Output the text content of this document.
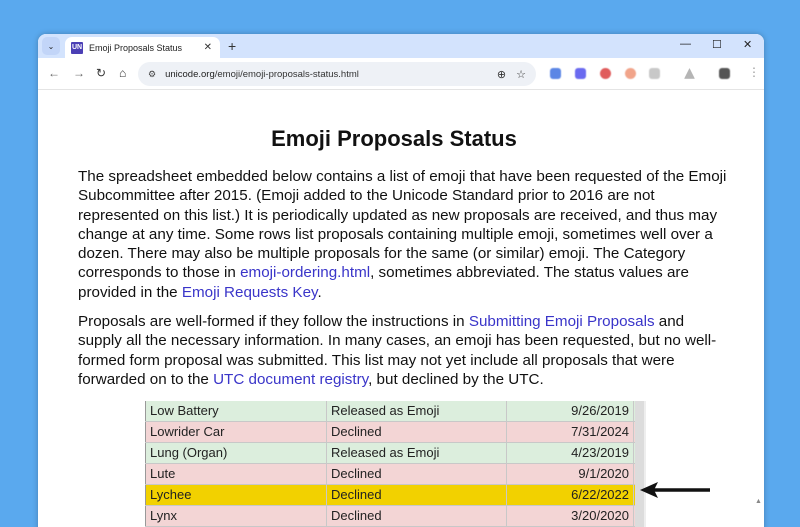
⌄	UN Emoji Proposals Status	✕ +	— ☐ ✕
← → ↻ ⌂ ⚙ unicode.org/emoji/emoji-proposals-status.html	⊕ ☆	⋮
Emoji Proposals Status

The spreadsheet embedded below contains a list of emoji that have been requested of the Emoji Subcommittee after 2015. (Emoji added to the Unicode Standard prior to 2016 are not represented on this list.) It is periodically updated as new proposals are received, and thus may change at any time. Some rows list proposals containing multiple emoji, sometimes well over a dozen. There may also be multiple proposals for the same (or similar) emoji. The Category corresponds to those in emoji-ordering.html, sometimes abbreviated. The status values are provided in the Emoji Requests Key.

Proposals are well-formed if they follow the instructions in Submitting Emoji Proposals and supply all the necessary information. In many cases, an emoji has been requested, but no well-formed form proposal was submitted. This list may not yet include all proposals that were forwarded on to the UTC document registry, but declined by the UTC.

Low Battery	Released as Emoji	9/26/2019
Lowrider Car	Declined	7/31/2024
Lung (Organ)	Released as Emoji	4/23/2019
Lute	Declined	9/1/2020
Lychee	Declined	6/22/2022
Lynx	Declined	3/20/2020
▲
